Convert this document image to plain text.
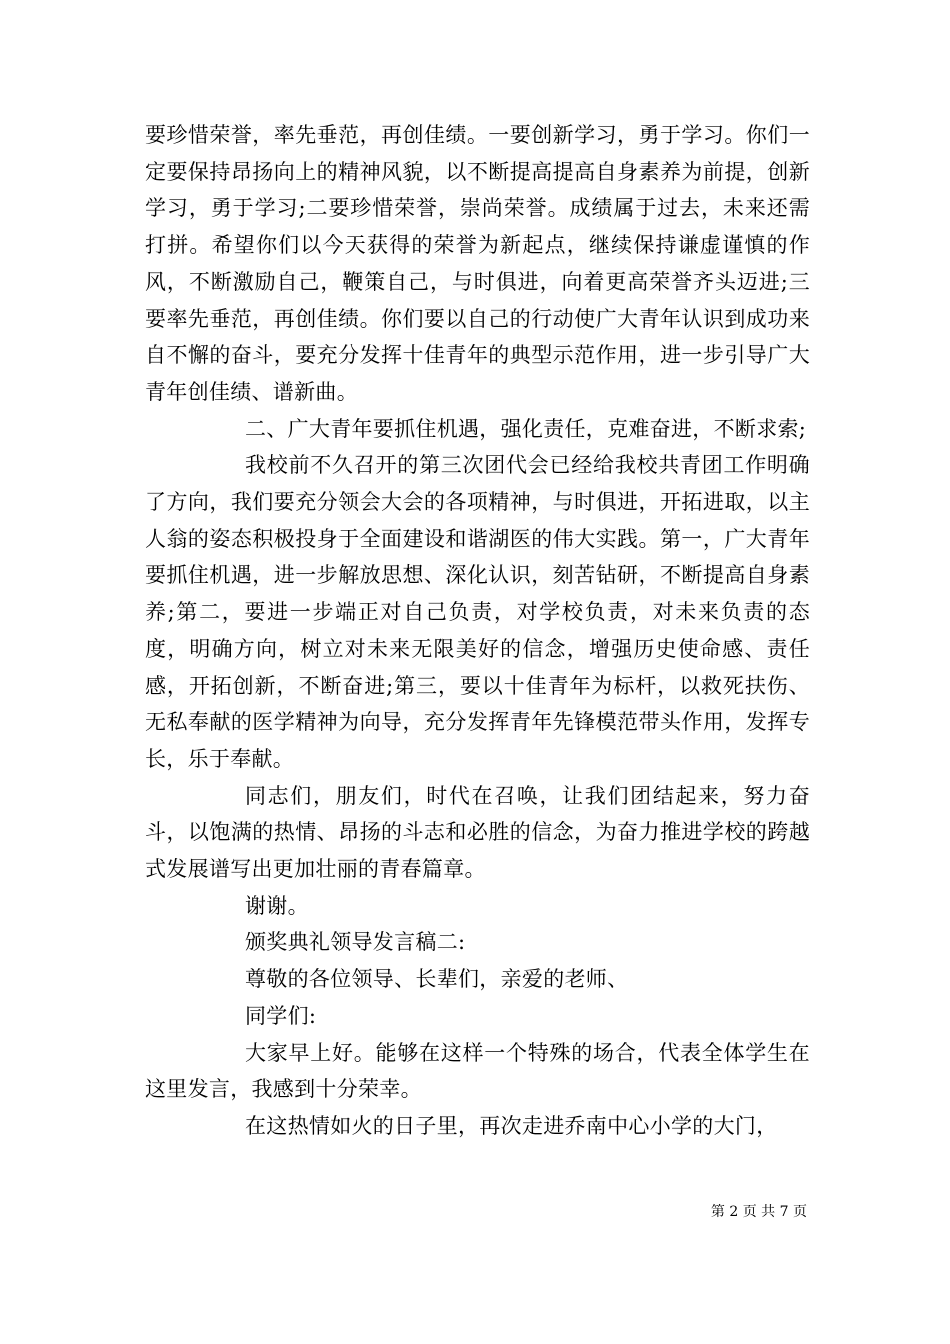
要珍惜荣誉，率先垂范，再创佳绩。一要创新学习，勇于学习。你们一定要保持昂扬向上的精神风貌，以不断提高提高自身素养为前提，创新学习，勇于学习;二要珍惜荣誉，崇尚荣誉。成绩属于过去，未来还需打拼。希望你们以今天获得的荣誉为新起点，继续保持谦虚谨慎的作风，不断激励自己，鞭策自己，与时俱进，向着更高荣誉齐头迈进;三要率先垂范，再创佳绩。你们要以自己的行动使广大青年认识到成功来自不懈的奋斗，要充分发挥十佳青年的典型示范作用，进一步引导广大青年创佳绩、谱新曲。

二、广大青年要抓住机遇，强化责任，克难奋进，不断求索;

我校前不久召开的第三次团代会已经给我校共青团工作明确了方向，我们要充分领会大会的各项精神，与时俱进，开拓进取，以主人翁的姿态积极投身于全面建设和谐湖医的伟大实践。第一，广大青年要抓住机遇，进一步解放思想、深化认识，刻苦钻研，不断提高自身素养;第二，要进一步端正对自己负责，对学校负责，对未来负责的态度，明确方向，树立对未来无限美好的信念，增强历史使命感、责任感，开拓创新，不断奋进;第三，要以十佳青年为标杆，以救死扶伤、无私奉献的医学精神为向导，充分发挥青年先锋模范带头作用，发挥专长，乐于奉献。

同志们，朋友们，时代在召唤，让我们团结起来，努力奋斗，以饱满的热情、昂扬的斗志和必胜的信念，为奋力推进学校的跨越式发展谱写出更加壮丽的青春篇章。

谢谢。

颁奖典礼领导发言稿二:

尊敬的各位领导、长辈们，亲爱的老师、

同学们:

大家早上好。能够在这样一个特殊的场合，代表全体学生在这里发言，我感到十分荣幸。

在这热情如火的日子里，再次走进乔南中心小学的大门，

第 2 页 共 7 页
